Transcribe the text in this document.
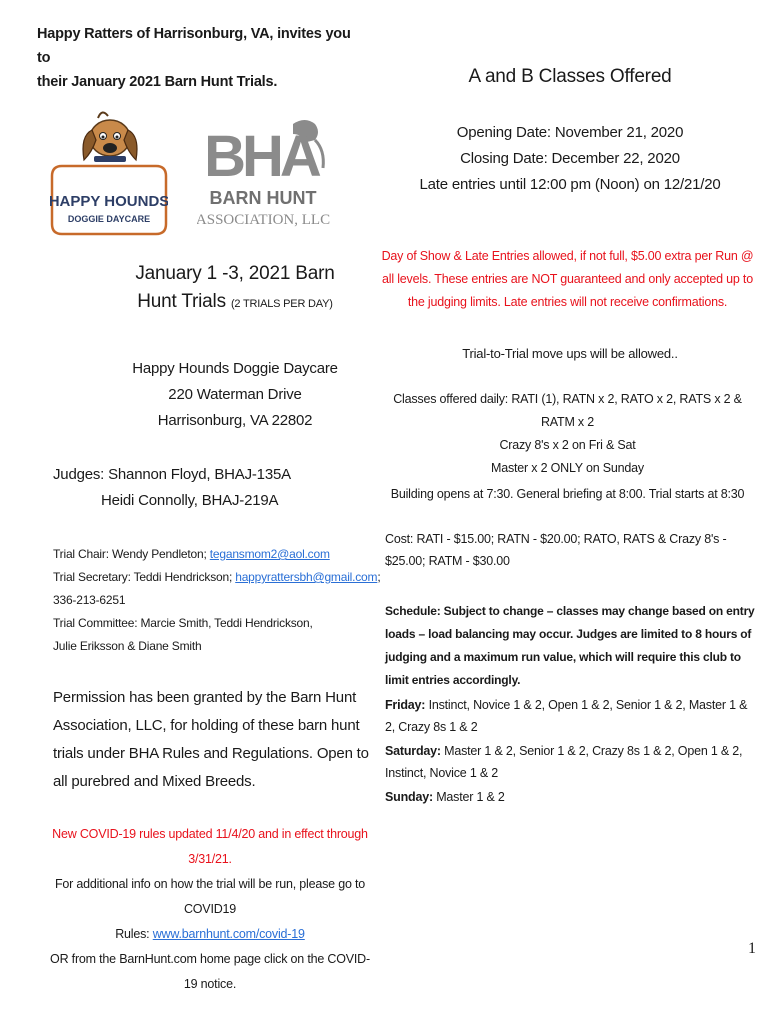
Happy Ratters of Harrisonburg, VA, invites you to
their January 2021 Barn Hunt Trials.
HAPPY HOUNDS
DOGGIE DAYCARE
BHA
BARN HUNT
ASSOCIATION, LLC
A and B Classes Offered
Opening Date: November 21, 2020
Closing Date: December 22, 2020
Late entries until 12:00 pm (Noon) on 12/21/20
Day of Show & Late Entries allowed, if not full, $5.00 extra per Run @ all levels. These entries are NOT guaranteed and only accepted up to the judging limits. Late entries will not receive confirmations.
January 1 -3, 2021 Barn
Hunt Trials (2 TRIALS PER DAY)
Trial-to-Trial move ups will be allowed..
Happy Hounds Doggie Daycare
220 Waterman Drive
Harrisonburg, VA 22802
Classes offered daily: RATI (1), RATN x 2, RATO x 2, RATS x 2 & RATM x 2
Crazy 8's x 2 on Fri & Sat
Master x 2 ONLY on Sunday
Judges: Shannon Floyd, BHAJ-135A
Heidi Connolly, BHAJ-219A	Building opens at 7:30. General briefing at 8:00. Trial starts at 8:30
Cost: RATI - $15.00; RATN - $20.00; RATO, RATS & Crazy 8's - $25.00; RATM - $30.00
Trial Chair: Wendy Pendleton; tegansmom2@aol.com
Trial Secretary: Teddi Hendrickson; happyrattersbh@gmail.com;
336-213-6251
Trial Committee: Marcie Smith, Teddi Hendrickson,
Julie Eriksson & Diane Smith
Schedule: Subject to change – classes may change based on entry loads – load balancing may occur. Judges are limited to 8 hours of judging and a maximum run value, which will require this club to limit entries accordingly.
Permission has been granted by the Barn Hunt Association, LLC, for holding of these barn hunt trials under BHA Rules and Regulations. Open to all purebred and Mixed Breeds.
Friday: Instinct, Novice 1 & 2, Open 1 & 2, Senior 1 & 2, Master 1 & 2, Crazy 8s 1 & 2
Saturday: Master 1 & 2, Senior 1 & 2, Crazy 8s 1 & 2, Open 1 & 2, Instinct, Novice 1 & 2
Sunday: Master 1 & 2
New COVID-19 rules updated 11/4/20 and in effect through 3/31/21.
For additional info on how the trial will be run, please go to COVID19
Rules: www.barnhunt.com/covid-19
OR from the BarnHunt.com home page click on the COVID-19 notice.
1
